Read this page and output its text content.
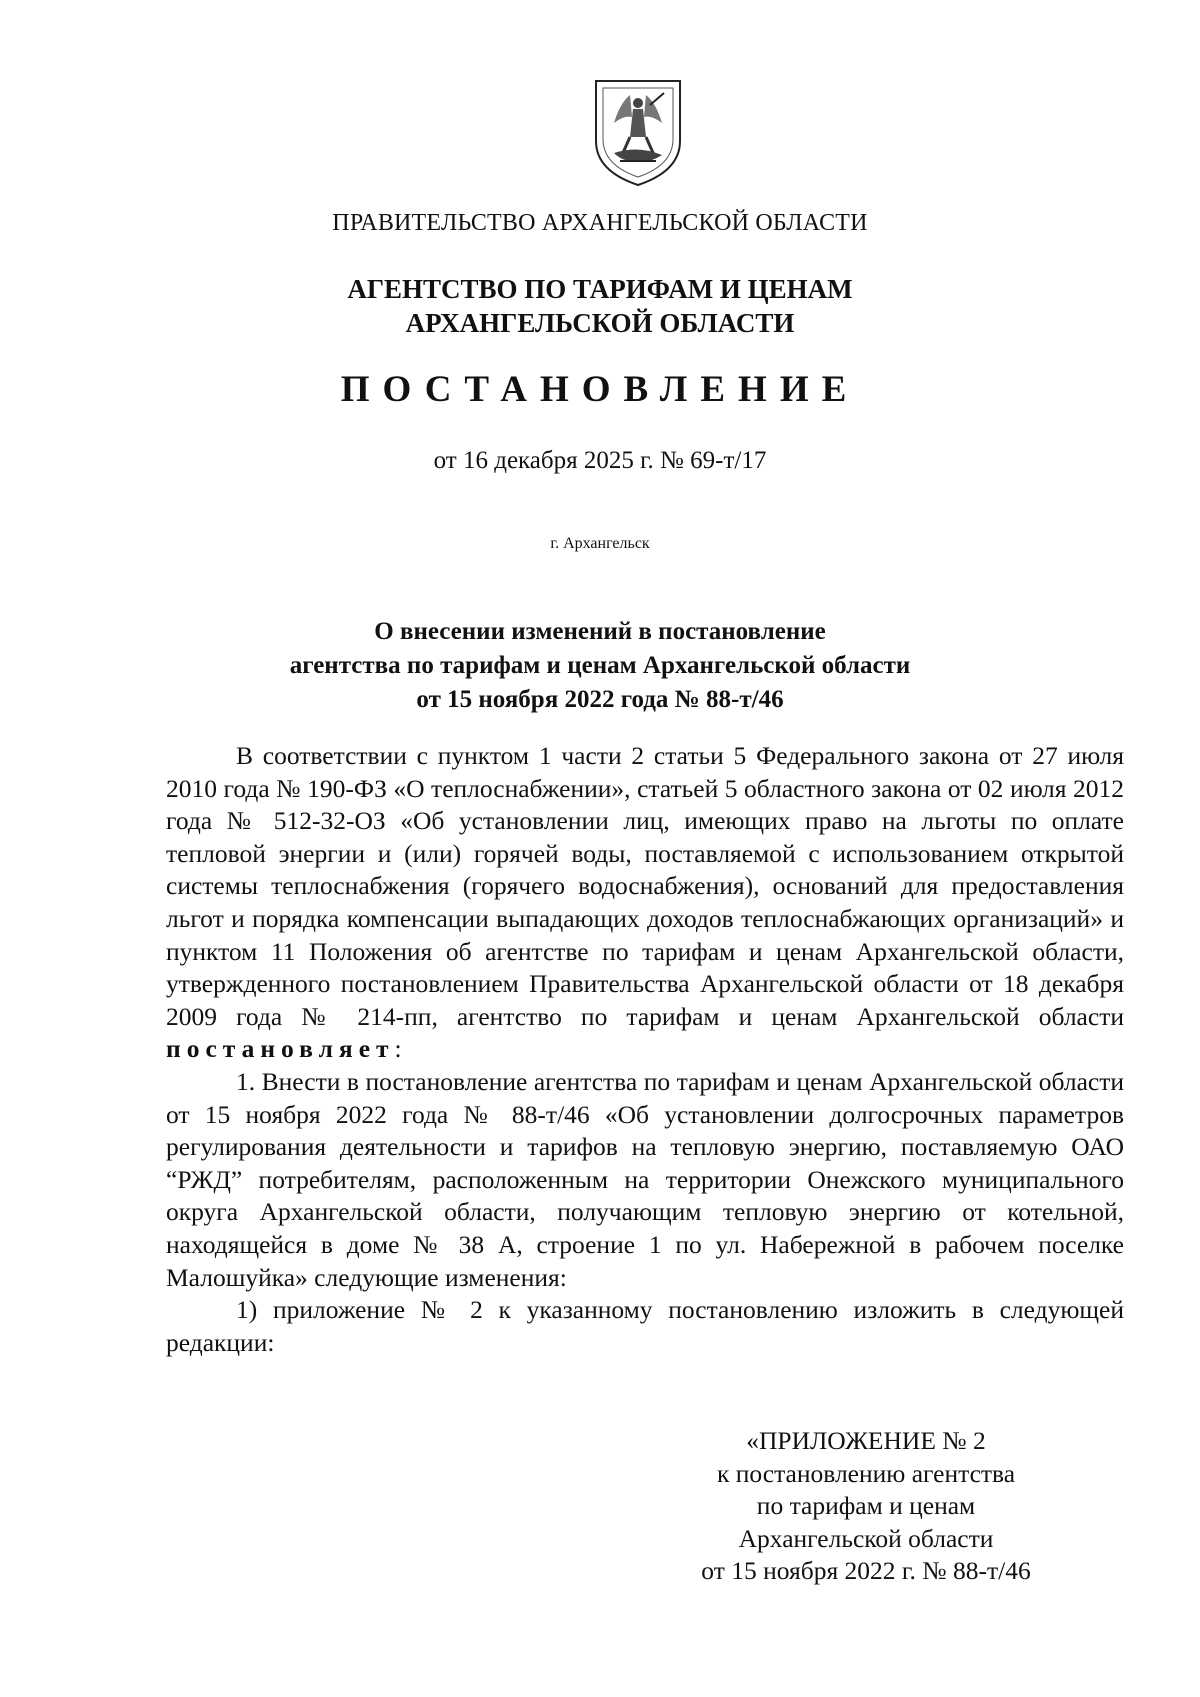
ПРАВИТЕЛЬСТВО АРХАНГЕЛЬСКОЙ ОБЛАСТИ
АГЕНТСТВО ПО ТАРИФАМ И ЦЕНАМ
АРХАНГЕЛЬСКОЙ ОБЛАСТИ
ПОСТАНОВЛЕНИЕ
от 16 декабря 2025 г. № 69-т/17
г. Архангельск
О внесении изменений в постановление
агентства по тарифам и ценам Архангельской области
от 15 ноября 2022 года № 88-т/46

В соответствии с пунктом 1 части 2 статьи 5 Федерального закона от 27 июля 2010 года № 190-ФЗ «О теплоснабжении», статьей 5 областного закона от 02 июля 2012 года № 512-32-ОЗ «Об установлении лиц, имеющих право на льготы по оплате тепловой энергии и (или) горячей воды, поставляемой с использованием открытой системы теплоснабжения (горячего водоснабжения), оснований для предоставления льгот и порядка компенсации выпадающих доходов теплоснабжающих организаций» и пунктом 11 Положения об агентстве по тарифам и ценам Архангельской области, утвержденного постановлением Правительства Архангельской области от 18 декабря 2009 года № 214-пп, агентство по тарифам и ценам Архангельской области постановляет:

1. Внести в постановление агентства по тарифам и ценам Архангельской области от 15 ноября 2022 года № 88-т/46 «Об установлении долгосрочных параметров регулирования деятельности и тарифов на тепловую энергию, поставляемую ОАО “РЖД” потребителям, расположенным на территории Онежского муниципального округа Архангельской области, получающим тепловую энергию от котельной, находящейся в доме № 38 А, строение 1 по ул. Набережной в рабочем поселке Малошуйка» следующие изменения:

1) приложение № 2 к указанному постановлению изложить в следующей редакции:

«ПРИЛОЖЕНИЕ № 2
к постановлению агентства
по тарифам и ценам
Архангельской области
от 15 ноября 2022 г. № 88-т/46
